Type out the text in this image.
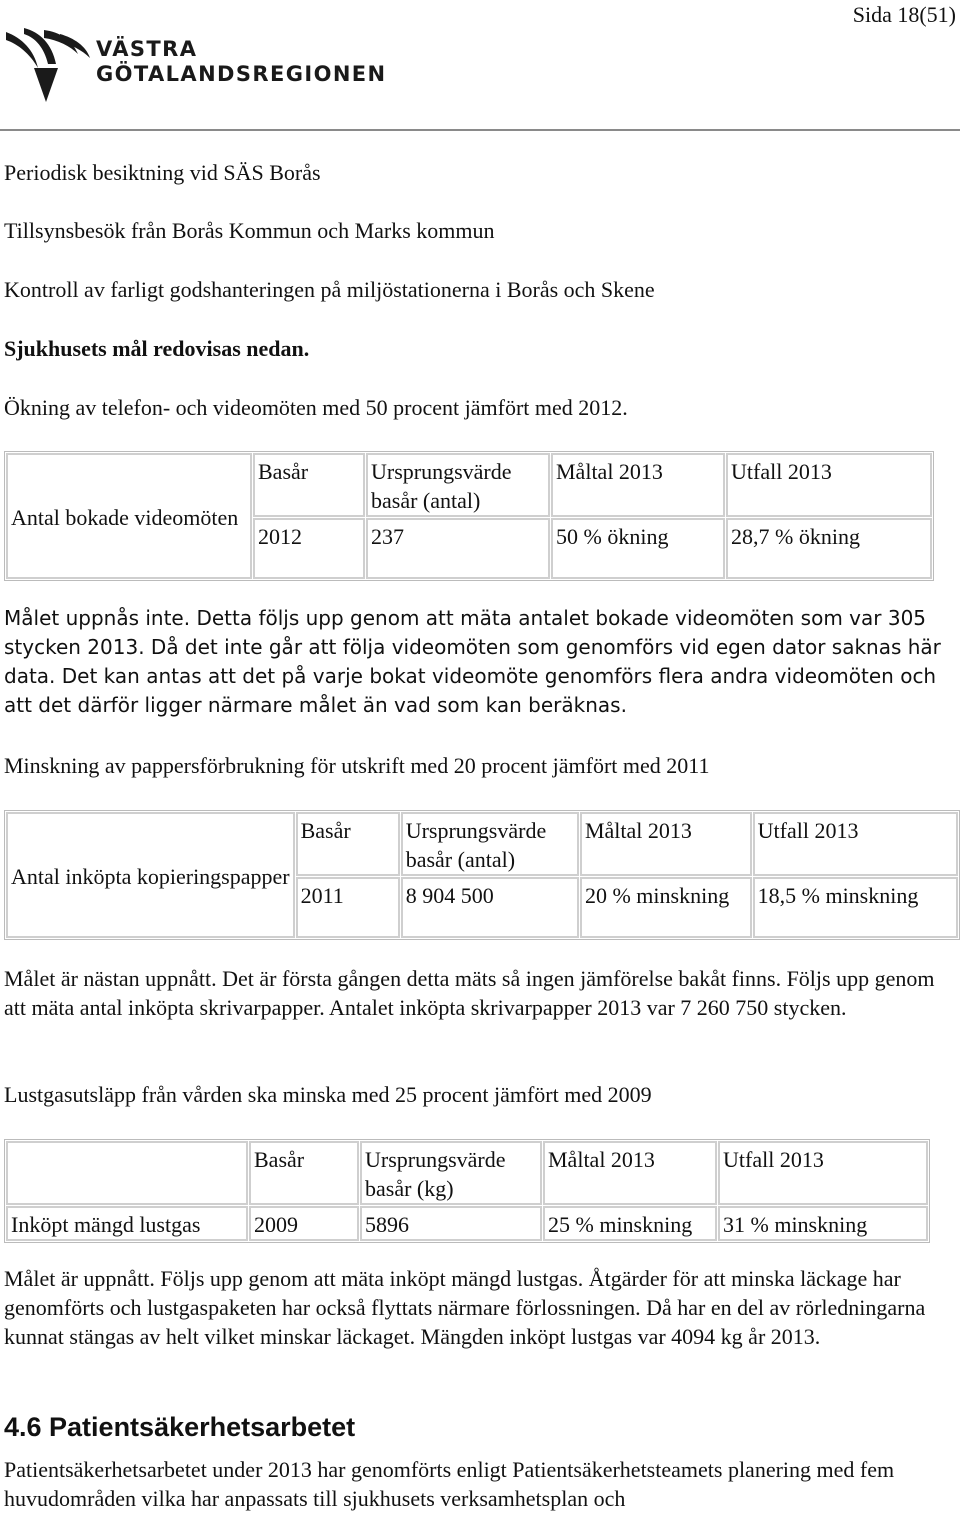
Sida 18(51)
VÄSTRA
GÖTALANDSREGIONEN

Periodisk besiktning vid SÄS Borås

Tillsynsbesök från Borås Kommun och Marks kommun

Kontroll av farligt godshanteringen på miljöstationerna i Borås och Skene

Sjukhusets mål redovisas nedan.

Ökning av telefon- och videomöten med 50 procent jämfört med 2012.

Antal bokade videomöten	Basår	Ursprungsvärde basår (antal)	Måltal 2013	Utfall 2013
	2012	237	50 % ökning	28,7 % ökning

Målet uppnås inte. Detta följs upp genom att mäta antalet bokade videomöten som var 305 stycken 2013. Då det inte går att följa videomöten som genomförs vid egen dator saknas här data. Det kan antas att det på varje bokat videomöte genomförs flera andra videomöten och att det därför ligger närmare målet än vad som kan beräknas.

Minskning av pappersförbrukning för utskrift med 20 procent jämfört med 2011

Antal inköpta kopieringspapper	Basår	Ursprungsvärde basår (antal)	Måltal 2013	Utfall 2013
	2011	8 904 500	20 % minskning	18,5 % minskning

Målet är nästan uppnått. Det är första gången detta mäts så ingen jämförelse bakåt finns. Följs upp genom att mäta antal inköpta skrivarpapper. Antalet inköpta skrivarpapper 2013 var 7 260 750 stycken.

Lustgasutsläpp från vården ska minska med 25 procent jämfört med 2009

	Basår	Ursprungsvärde basår (kg)	Måltal 2013	Utfall 2013
Inköpt mängd lustgas	2009	5896	25 % minskning	31 % minskning

Målet är uppnått. Följs upp genom att mäta inköpt mängd lustgas. Åtgärder för att minska läckage har genomförts och lustgaspaketen har också flyttats närmare förlossningen. Då har en del av rörledningarna kunnat stängas av helt vilket minskar läckaget. Mängden inköpt lustgas var 4094 kg år 2013.

4.6 Patientsäkerhetsarbetet

Patientsäkerhetsarbetet under 2013 har genomförts enligt Patientsäkerhetsteamets planering med fem huvudområden vilka har anpassats till sjukhusets verksamhetsplan och
